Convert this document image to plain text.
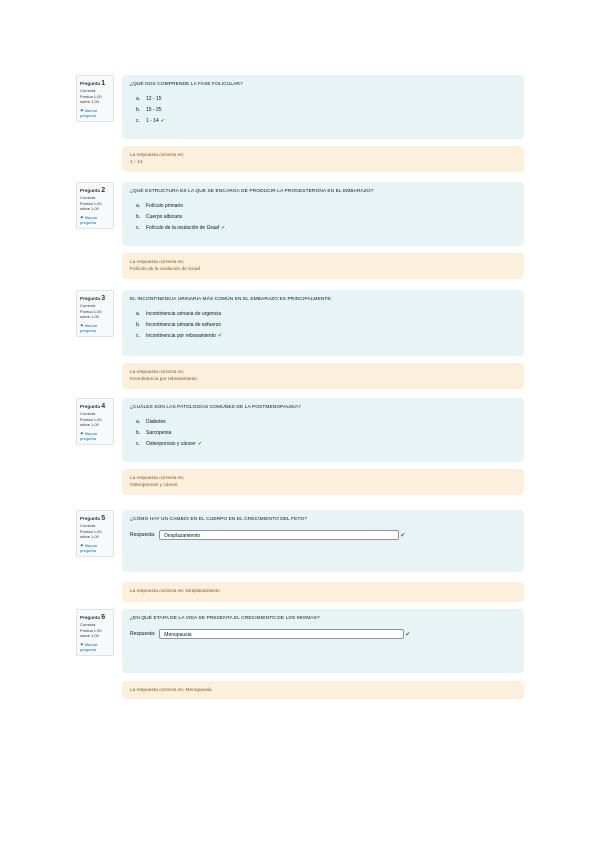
Pregunta 1
Correcta
Puntúa 1,00 sobre 1,00
⚑ Marcar pregunta
¿QUÉ NOS COMPRENDE LA FASE FOLICULAR?
a. 12 - 15
b. 15 - 25
c. 1 - 14 ✔
La respuesta correcta es:
1 - 14
Pregunta 2
Correcta
Puntúa 1,00 sobre 1,00
⚑ Marcar pregunta
¿QUÉ ESTRUCTURA ES LA QUE SE ENCARGA DE PRODUCIR LA PROGESTERONA EN EL EMBARAZO?
a. Folículo primario
b. Cuerpo albicans
c. Folículo de la ovulación de Graaf ✔
La respuesta correcta es:
Folículo de la ovulación de Graaf
Pregunta 3
Correcta
Puntúa 1,00 sobre 1,00
⚑ Marcar pregunta
EL INCONTINENCIA URINARIA MÁS COMÚN EN EL EMBARAZO ES PRINCIPALMENTE:
a. Incontinencia urinaria de urgencia
b. Incontinencia urinaria de esfuerzo
c. Incontinencia por rebosamiento ✔
La respuesta correcta es:
Incontinencia por rebosamiento
Pregunta 4
Correcta
Puntúa 1,00 sobre 1,00
⚑ Marcar pregunta
¿CUÁLES SON LAS PATOLOGÍAS COMUNES DE LA POSTMENOPAUSIA?
a. Diabetes
b. Sarcopenia
c. Osteoporosis y cáncer ✔
La respuesta correcta es:
Osteoporosis y cáncer
Pregunta 5
Correcta
Puntúa 1,00 sobre 1,00
⚑ Marcar pregunta
¿CÓMO HAY UN CAMBIO EN EL CUERPO EN EL CRECIMIENTO DEL FETO?
Respuesta:	Desplazamiento	✔
La respuesta correcta es: Desplazamiento
Pregunta 6
Correcta
Puntúa 1,00 sobre 1,00
⚑ Marcar pregunta
¿EN QUÉ ETAPA DE LA VIDA SE PRESENTA EL CRECIMIENTO DE LOS MIOMAS?
Respuesta:	Menopausia	✔
La respuesta correcta es: Menopausia
